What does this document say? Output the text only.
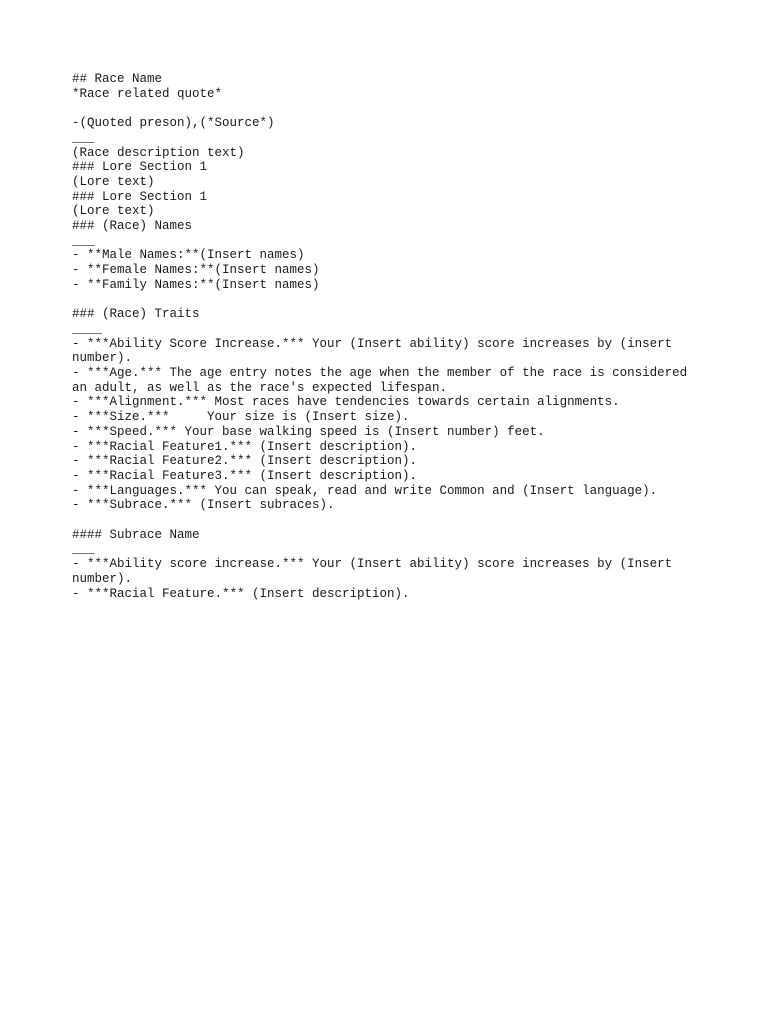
## Race Name
*Race related quote*
-(Quoted preson),(*Source*)
___
(Race description text)
### Lore Section 1
(Lore text)
### Lore Section 1
(Lore text)
### (Race) Names
___
- **Male Names:**(Insert names)
- **Female Names:**(Insert names)
- **Family Names:**(Insert names)
### (Race) Traits
____
- ***Ability Score Increase.*** Your (Insert ability) score increases by (insert number).
- ***Age.*** The age entry notes the age when the member of the race is considered an adult, as well as the race's expected lifespan.
- ***Alignment.*** Most races have tendencies towards certain alignments.
- ***Size.***     Your size is (Insert size).
- ***Speed.*** Your base walking speed is (Insert number) feet.
- ***Racial Feature1.*** (Insert description).
- ***Racial Feature2.*** (Insert description).
- ***Racial Feature3.*** (Insert description).
- ***Languages.*** You can speak, read and write Common and (Insert language).
- ***Subrace.*** (Insert subraces).
#### Subrace Name
___
- ***Ability score increase.*** Your (Insert ability) score increases by (Insert number).
- ***Racial Feature.*** (Insert description).
